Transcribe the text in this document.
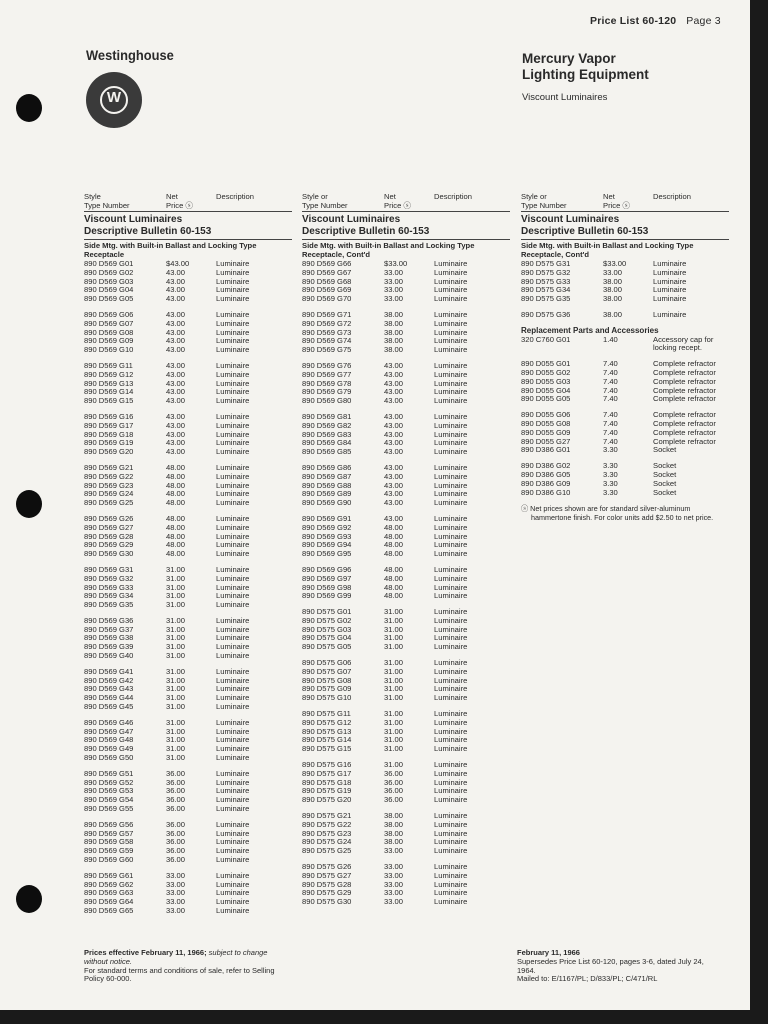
Price List 60-120 Page 3
Westinghouse
W
Mercury Vapor
Lighting Equipment
Viscount Luminaires
Style
Type Number
Net
Price ⓢ
Description
Viscount Luminaires
Descriptive Bulletin 60-153
Side Mtg. with Built-in Ballast and Locking Type Receptacle
890 D569 G01	$43.00	Luminaire
890 D569 G02	43.00	Luminaire
890 D569 G03	43.00	Luminaire
890 D569 G04	43.00	Luminaire
890 D569 G05	43.00	Luminaire
890 D569 G06	43.00	Luminaire
890 D569 G07	43.00	Luminaire
890 D569 G08	43.00	Luminaire
890 D569 G09	43.00	Luminaire
890 D569 G10	43.00	Luminaire
890 D569 G11	43.00	Luminaire
890 D569 G12	43.00	Luminaire
890 D569 G13	43.00	Luminaire
890 D569 G14	43.00	Luminaire
890 D569 G15	43.00	Luminaire
890 D569 G16	43.00	Luminaire
890 D569 G17	43.00	Luminaire
890 D569 G18	43.00	Luminaire
890 D569 G19	43.00	Luminaire
890 D569 G20	43.00	Luminaire
890 D569 G21	48.00	Luminaire
890 D569 G22	48.00	Luminaire
890 D569 G23	48.00	Luminaire
890 D569 G24	48.00	Luminaire
890 D569 G25	48.00	Luminaire
890 D569 G26	48.00	Luminaire
890 D569 G27	48.00	Luminaire
890 D569 G28	48.00	Luminaire
890 D569 G29	48.00	Luminaire
890 D569 G30	48.00	Luminaire
890 D569 G31	31.00	Luminaire
890 D569 G32	31.00	Luminaire
890 D569 G33	31.00	Luminaire
890 D569 G34	31.00	Luminaire
890 D569 G35	31.00	Luminaire
890 D569 G36	31.00	Luminaire
890 D569 G37	31.00	Luminaire
890 D569 G38	31.00	Luminaire
890 D569 G39	31.00	Luminaire
890 D569 G40	31.00	Luminaire
890 D569 G41	31.00	Luminaire
890 D569 G42	31.00	Luminaire
890 D569 G43	31.00	Luminaire
890 D569 G44	31.00	Luminaire
890 D569 G45	31.00	Luminaire
890 D569 G46	31.00	Luminaire
890 D569 G47	31.00	Luminaire
890 D569 G48	31.00	Luminaire
890 D569 G49	31.00	Luminaire
890 D569 G50	31.00	Luminaire
890 D569 G51	36.00	Luminaire
890 D569 G52	36.00	Luminaire
890 D569 G53	36.00	Luminaire
890 D569 G54	36.00	Luminaire
890 D569 G55	36.00	Luminaire
890 D569 G56	36.00	Luminaire
890 D569 G57	36.00	Luminaire
890 D569 G58	36.00	Luminaire
890 D569 G59	36.00	Luminaire
890 D569 G60	36.00	Luminaire
890 D569 G61	33.00	Luminaire
890 D569 G62	33.00	Luminaire
890 D569 G63	33.00	Luminaire
890 D569 G64	33.00	Luminaire
890 D569 G65	33.00	Luminaire
Style or
Type Number
Net
Price ⓢ
Description
Viscount Luminaires
Descriptive Bulletin 60-153
Side Mtg. with Built-in Ballast and Locking Type Receptacle, Cont'd
890 D569 G66	$33.00	Luminaire
890 D569 G67	33.00	Luminaire
890 D569 G68	33.00	Luminaire
890 D569 G69	33.00	Luminaire
890 D569 G70	33.00	Luminaire
890 D569 G71	38.00	Luminaire
890 D569 G72	38.00	Luminaire
890 D569 G73	38.00	Luminaire
890 D569 G74	38.00	Luminaire
890 D569 G75	38.00	Luminaire
890 D569 G76	43.00	Luminaire
890 D569 G77	43.00	Luminaire
890 D569 G78	43.00	Luminaire
890 D569 G79	43.00	Luminaire
890 D569 G80	43.00	Luminaire
890 D569 G81	43.00	Luminaire
890 D569 G82	43.00	Luminaire
890 D569 G83	43.00	Luminaire
890 D569 G84	43.00	Luminaire
890 D569 G85	43.00	Luminaire
890 D569 G86	43.00	Luminaire
890 D569 G87	43.00	Luminaire
890 D569 G88	43.00	Luminaire
890 D569 G89	43.00	Luminaire
890 D569 G90	43.00	Luminaire
890 D569 G91	43.00	Luminaire
890 D569 G92	48.00	Luminaire
890 D569 G93	48.00	Luminaire
890 D569 G94	48.00	Luminaire
890 D569 G95	48.00	Luminaire
890 D569 G96	48.00	Luminaire
890 D569 G97	48.00	Luminaire
890 D569 G98	48.00	Luminaire
890 D569 G99	48.00	Luminaire
890 D575 G01	31.00	Luminaire
890 D575 G02	31.00	Luminaire
890 D575 G03	31.00	Luminaire
890 D575 G04	31.00	Luminaire
890 D575 G05	31.00	Luminaire
890 D575 G06	31.00	Luminaire
890 D575 G07	31.00	Luminaire
890 D575 G08	31.00	Luminaire
890 D575 G09	31.00	Luminaire
890 D575 G10	31.00	Luminaire
890 D575 G11	31.00	Luminaire
890 D575 G12	31.00	Luminaire
890 D575 G13	31.00	Luminaire
890 D575 G14	31.00	Luminaire
890 D575 G15	31.00	Luminaire
890 D575 G16	31.00	Luminaire
890 D575 G17	36.00	Luminaire
890 D575 G18	36.00	Luminaire
890 D575 G19	36.00	Luminaire
890 D575 G20	36.00	Luminaire
890 D575 G21	38.00	Luminaire
890 D575 G22	38.00	Luminaire
890 D575 G23	38.00	Luminaire
890 D575 G24	38.00	Luminaire
890 D575 G25	33.00	Luminaire
890 D575 G26	33.00	Luminaire
890 D575 G27	33.00	Luminaire
890 D575 G28	33.00	Luminaire
890 D575 G29	33.00	Luminaire
890 D575 G30	33.00	Luminaire
Style or
Type Number
Net
Price ⓢ
Description
Viscount Luminaires
Descriptive Bulletin 60-153
Side Mtg. with Built-in Ballast and Locking Type Receptacle, Cont'd
890 D575 G31	$33.00	Luminaire
890 D575 G32	33.00	Luminaire
890 D575 G33	38.00	Luminaire
890 D575 G34	38.00	Luminaire
890 D575 G35	38.00	Luminaire
890 D575 G36	38.00	Luminaire
Replacement Parts and Accessories
320 C760 G01	1.40	Accessory cap for locking recept.
890 D055 G01	7.40	Complete refractor
890 D055 G02	7.40	Complete refractor
890 D055 G03	7.40	Complete refractor
890 D055 G04	7.40	Complete refractor
890 D055 G05	7.40	Complete refractor
890 D055 G06	7.40	Complete refractor
890 D055 G08	7.40	Complete refractor
890 D055 G09	7.40	Complete refractor
890 D055 G27	7.40	Complete refractor
890 D386 G01	3.30	Socket
890 D386 G02	3.30	Socket
890 D386 G05	3.30	Socket
890 D386 G09	3.30	Socket
890 D386 G10	3.30	Socket
ⓢ Net prices shown are for standard silver-aluminum hammertone finish. For color units add $2.50 to net price.
Prices effective February 11, 1966; subject to change without notice.
For standard terms and conditions of sale, refer to Selling Policy 60-000.
February 11, 1966
Supersedes Price List 60-120, pages 3-6, dated July 24, 1964.
Mailed to: E/1167/PL; D/833/PL; C/471/RL
